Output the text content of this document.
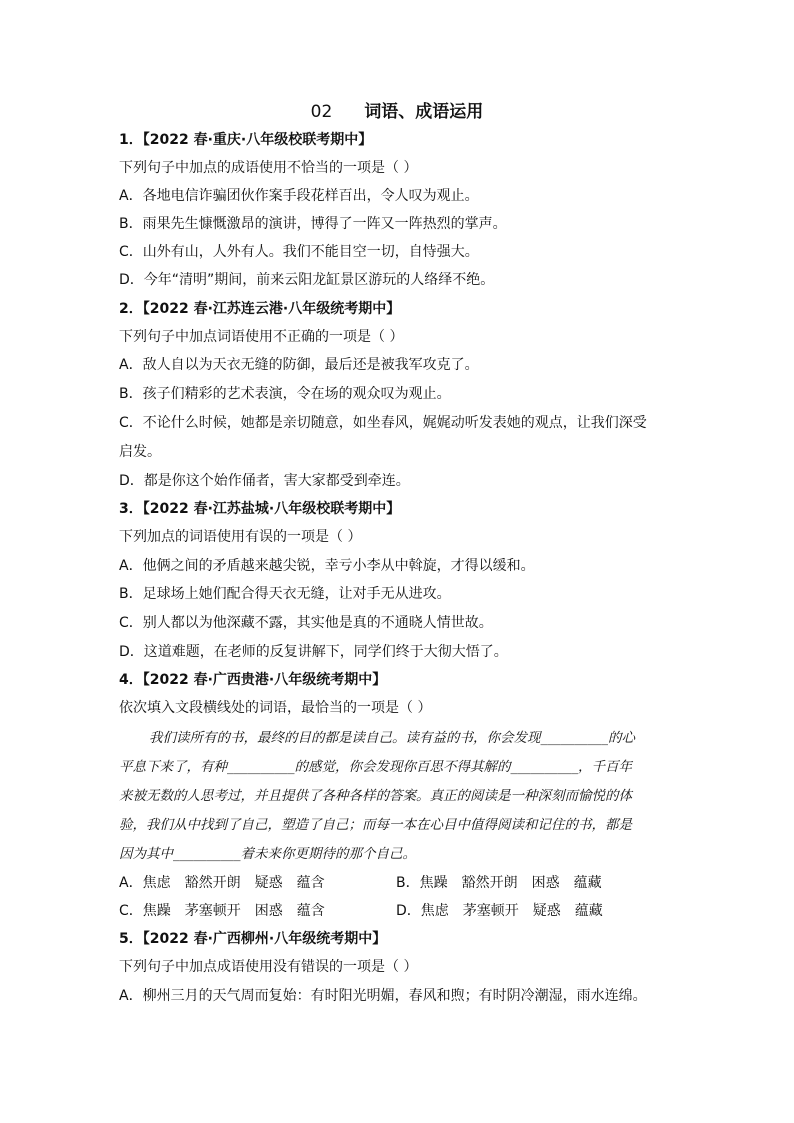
02 词语、成语运用
1．【2022 春·重庆·八年级校联考期中】
下列句子中加点的成语使用不恰当的一项是（ ）
A．各地电信诈骗团伙作案手段花样百出，令人叹为观止。
B．雨果先生慷慨激昂的演讲，博得了一阵又一阵热烈的掌声。
C．山外有山，人外有人。我们不能目空一切，自恃强大。
D．今年“清明”期间，前来云阳龙缸景区游玩的人络绎不绝。
2．【2022 春·江苏连云港·八年级统考期中】
下列句子中加点词语使用不正确的一项是（ ）
A．敌人自以为天衣无缝的防御，最后还是被我军攻克了。
B．孩子们精彩的艺术表演，令在场的观众叹为观止。
C．不论什么时候，她都是亲切随意，如坐春风，娓娓动听发表她的观点，让我们深受
启发。
D．都是你这个始作俑者，害大家都受到牵连。
3．【2022 春·江苏盐城·八年级校联考期中】
下列加点的词语使用有误的一项是（ ）
A．他俩之间的矛盾越来越尖锐，幸亏小李从中斡旋，才得以缓和。
B．足球场上她们配合得天衣无缝，让对手无从进攻。
C．别人都以为他深藏不露，其实他是真的不通晓人情世故。
D．这道难题，在老师的反复讲解下，同学们终于大彻大悟了。
4．【2022 春·广西贵港·八年级统考期中】
依次填入文段横线处的词语，最恰当的一项是（ ）
我们读所有的书，最终的目的都是读自己。读有益的书，你会发现__________的心
平息下来了，有种__________的感觉，你会发现你百思不得其解的__________，千百年
来被无数的人思考过，并且提供了各种各样的答案。真正的阅读是一种深刻而愉悦的体
验，我们从中找到了自己，塑造了自己；而每一本在心目中值得阅读和记住的书，都是
因为其中__________着未来你更期待的那个自己。
A．焦虑　豁然开朗　疑惑　蕴含	B．焦躁　豁然开朗　困惑　蕴藏
C．焦躁　茅塞顿开　困惑　蕴含	D．焦虑　茅塞顿开　疑惑　蕴藏
5．【2022 春·广西柳州·八年级统考期中】
下列句子中加点成语使用没有错误的一项是（ ）
A．柳州三月的天气周而复始：有时阳光明媚，春风和煦；有时阴冷潮湿，雨水连绵。
